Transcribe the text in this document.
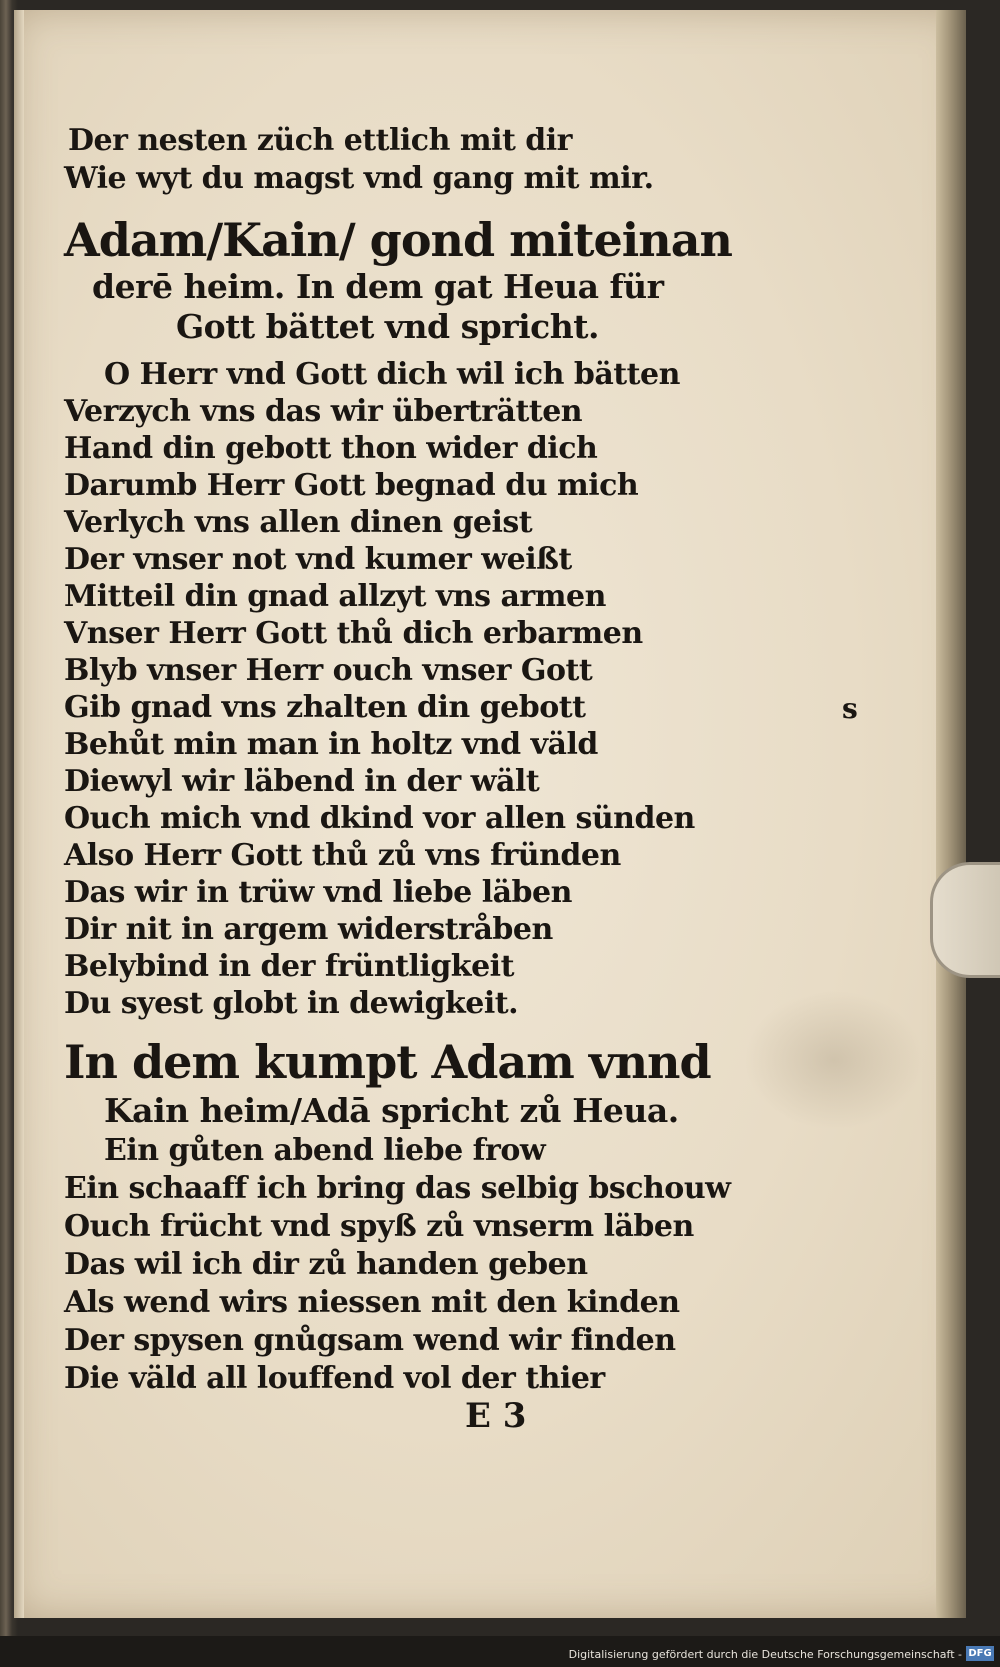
Der nesten züch ettlich mit dir
Wie wyt du magst vnd gang mit mir.
Adam/Kain/ gond miteinan
derē heim. In dem gat Heua für
Gott bättet vnd spricht.
O Herr vnd Gott dich wil ich bätten
Verzych vns das wir überträtten
Hand din gebott thon wider dich
Darumb Herr Gott begnad du mich
Verlych vns allen dinen geist
Der vnser not vnd kumer weißt
Mitteil din gnad allzyt vns armen
Vnser Herr Gott thů dich erbarmen
Blyb vnser Herr ouch vnser Gott
Gib gnad vns zhalten din gebott
Behůt min man in holtz vnd väld
Diewyl wir läbend in der wält
Ouch mich vnd dkind vor allen sünden
Also Herr Gott thů zů vns fründen
Das wir in trüw vnd liebe läben
Dir nit in argem widerstråben
Belybind in der früntligkeit
Du syest globt in dewigkeit.
In dem kumpt Adam vnnd
Kain heim/Adā spricht zů Heua.
Ein gůten abend liebe frow
Ein schaaff ich bring das selbig bschouw
Ouch frücht vnd spyß zů vnserm läben
Das wil ich dir zů handen geben
Als wend wirs niessen mit den kinden
Der spysen gnůgsam wend wir finden
Die väld all louffend vol der thier
E 3
s
Digitalisierung gefördert durch die Deutsche Forschungsgemeinschaft - DFG
